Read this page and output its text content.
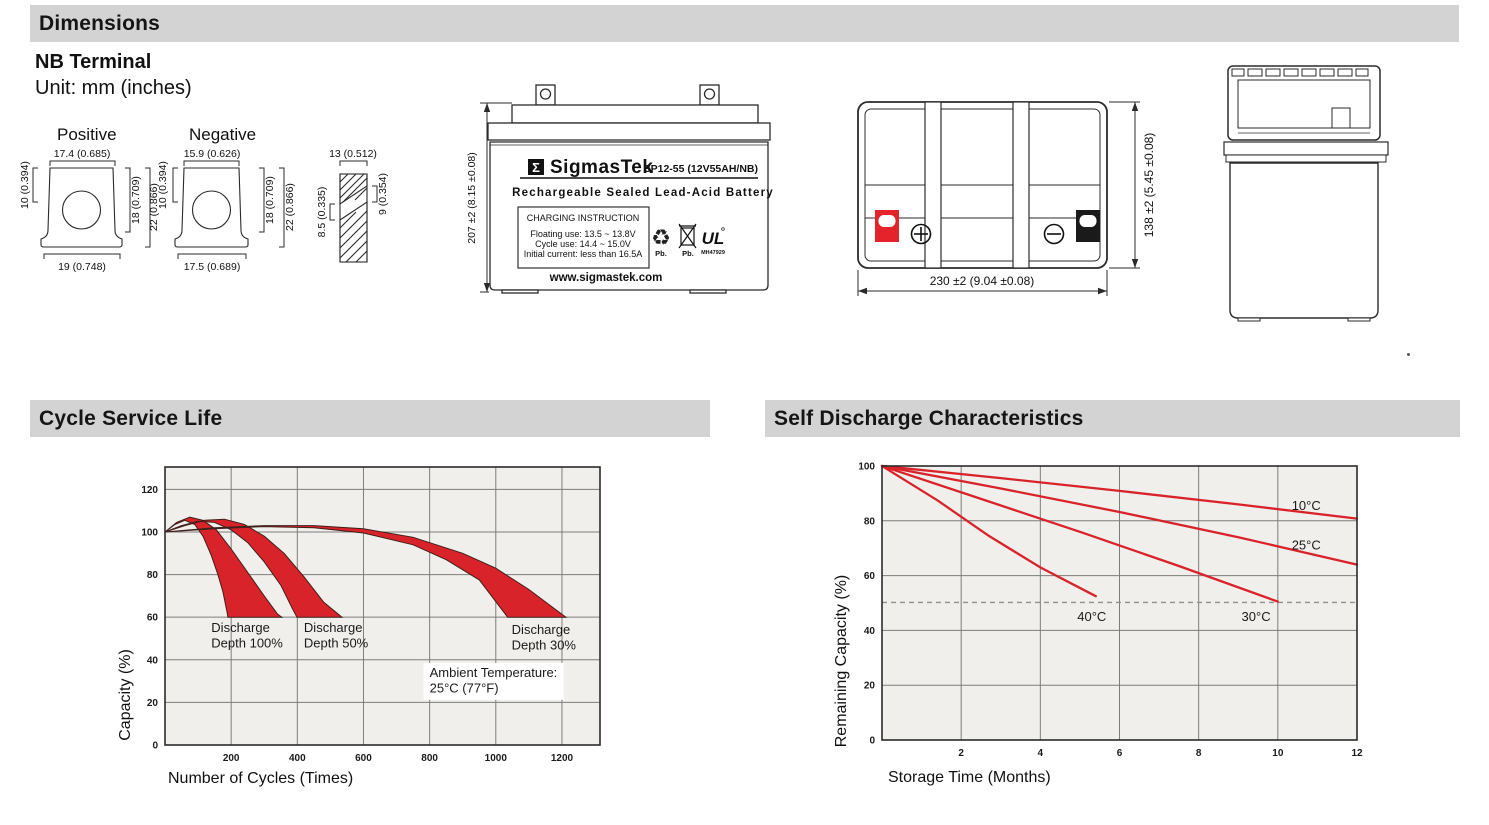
Dimensions
NB Terminal
Unit: mm (inches)
Positive
17.4 (0.685)
19 (0.748)
10 (0.394)	18 (0.709) 22 (0.866)
Negative
15.9 (0.626)
17.5 (0.689)
10 (0.394)	18 (0.709) 22 (0.866)
13 (0.512)
8.5 (0.335)	9 (0.354)	207 ±2 (8.15 ±0.08)	Σ SigmasTek
SP12-55 (12V55AH/NB)
Rechargeable Sealed Lead-Acid Battery
CHARGING INSTRUCTION
Floating use: 13.5 ~ 13.8V
Cycle use: 14.4 ~ 15.0V
Initial current: less than 16.5A
♻
Pb. Pb.
UL
MH47929
www.sigmastek.com	230 ±2 (9.04 ±0.08)
138 ±2 (5.45 ±0.08)
Cycle Service Life	Self Discharge Characteristics
Number of Cycles (Times)
Capacity (%)
200	400	600	800	1000	1200
0
20
40
60
80
100
120
Discharge Depth 100%
Discharge Depth 50%
Discharge Depth 30%
Ambient Temperature: 25°C (77°F)
Storage Time (Months)
Remaining Capacity (%)
2	4	6	8	10	12
0
20
40
60
80
100
10°C
25°C
30°C
40°C
